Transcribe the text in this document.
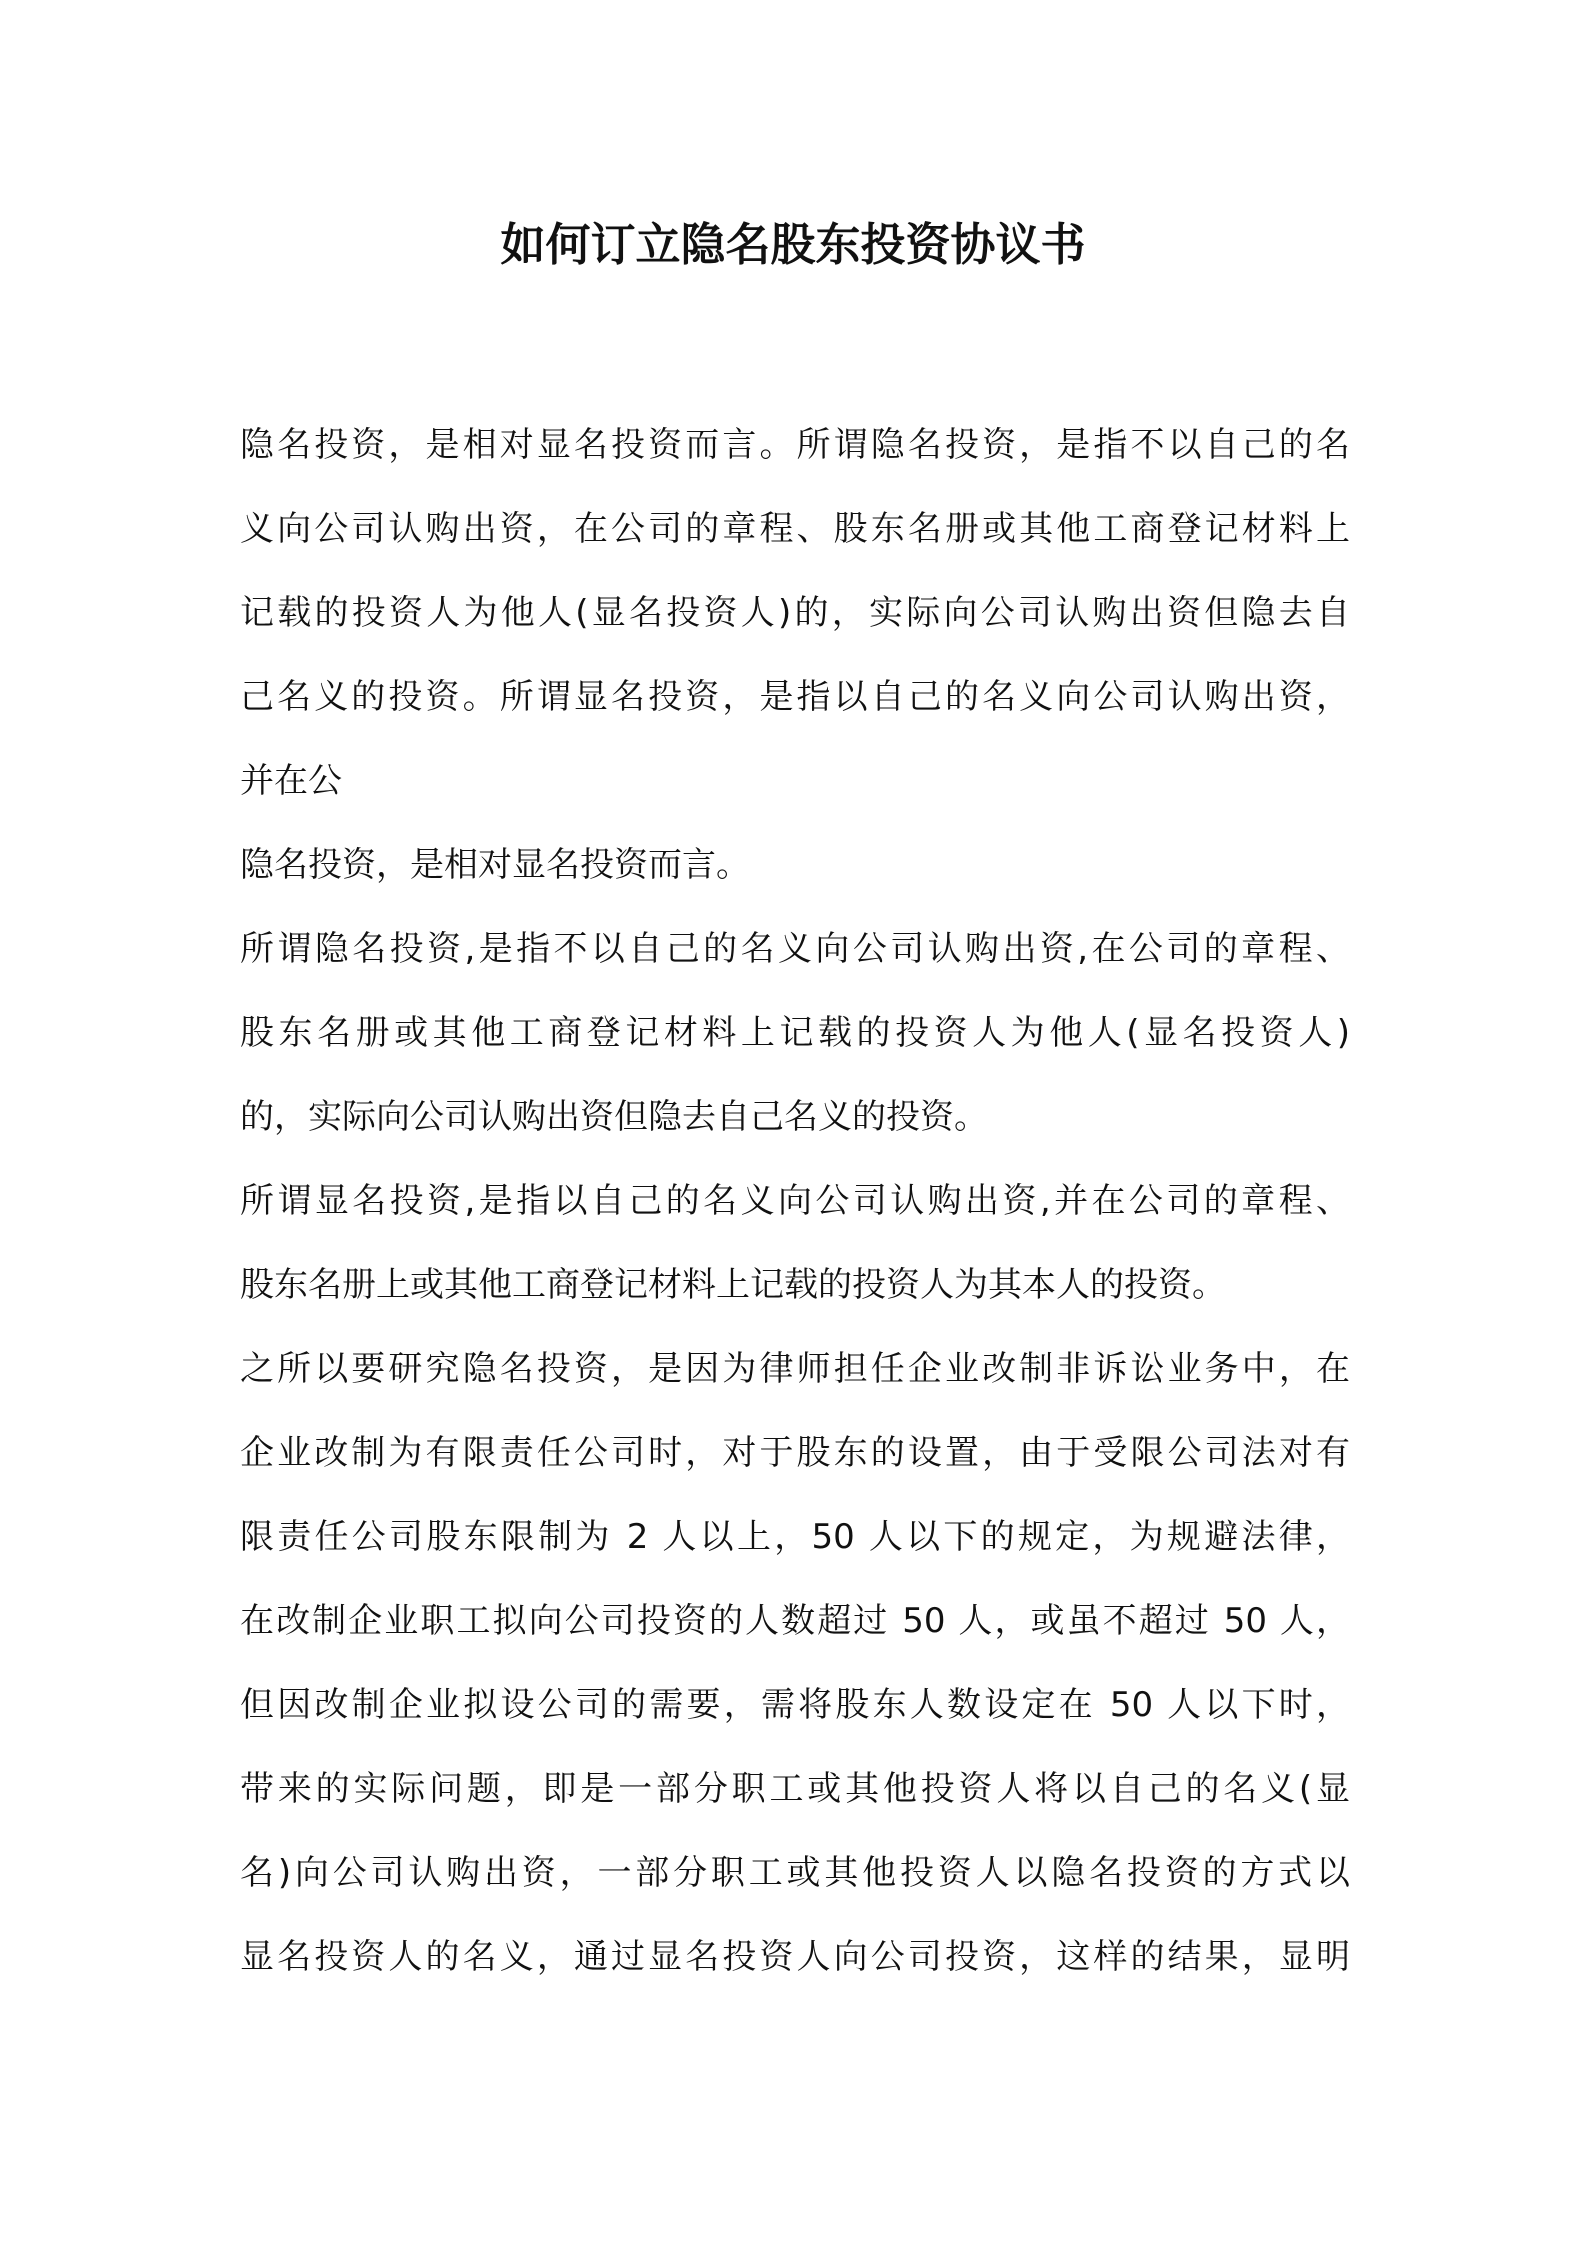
如何订立隐名股东投资协议书
隐名投资，是相对显名投资而言。所谓隐名投资，是指不以自己的名
义向公司认购出资，在公司的章程、股东名册或其他工商登记材料上
记载的投资人为他人(显名投资人)的，实际向公司认购出资但隐去自
己名义的投资。所谓显名投资，是指以自己的名义向公司认购出资，
并在公
隐名投资，是相对显名投资而言。
所谓隐名投资,是指不以自己的名义向公司认购出资,在公司的章程、
股东名册或其他工商登记材料上记载的投资人为他人(显名投资人)
的，实际向公司认购出资但隐去自己名义的投资。
所谓显名投资,是指以自己的名义向公司认购出资,并在公司的章程、
股东名册上或其他工商登记材料上记载的投资人为其本人的投资。
之所以要研究隐名投资，是因为律师担任企业改制非诉讼业务中，在
企业改制为有限责任公司时，对于股东的设置，由于受限公司法对有
限责任公司股东限制为 2 人以上，50 人以下的规定，为规避法律，
在改制企业职工拟向公司投资的人数超过 50 人，或虽不超过 50 人，
但因改制企业拟设公司的需要，需将股东人数设定在 50 人以下时，
带来的实际问题，即是一部分职工或其他投资人将以自己的名义(显
名)向公司认购出资，一部分职工或其他投资人以隐名投资的方式以
显名投资人的名义，通过显名投资人向公司投资，这样的结果，显明
